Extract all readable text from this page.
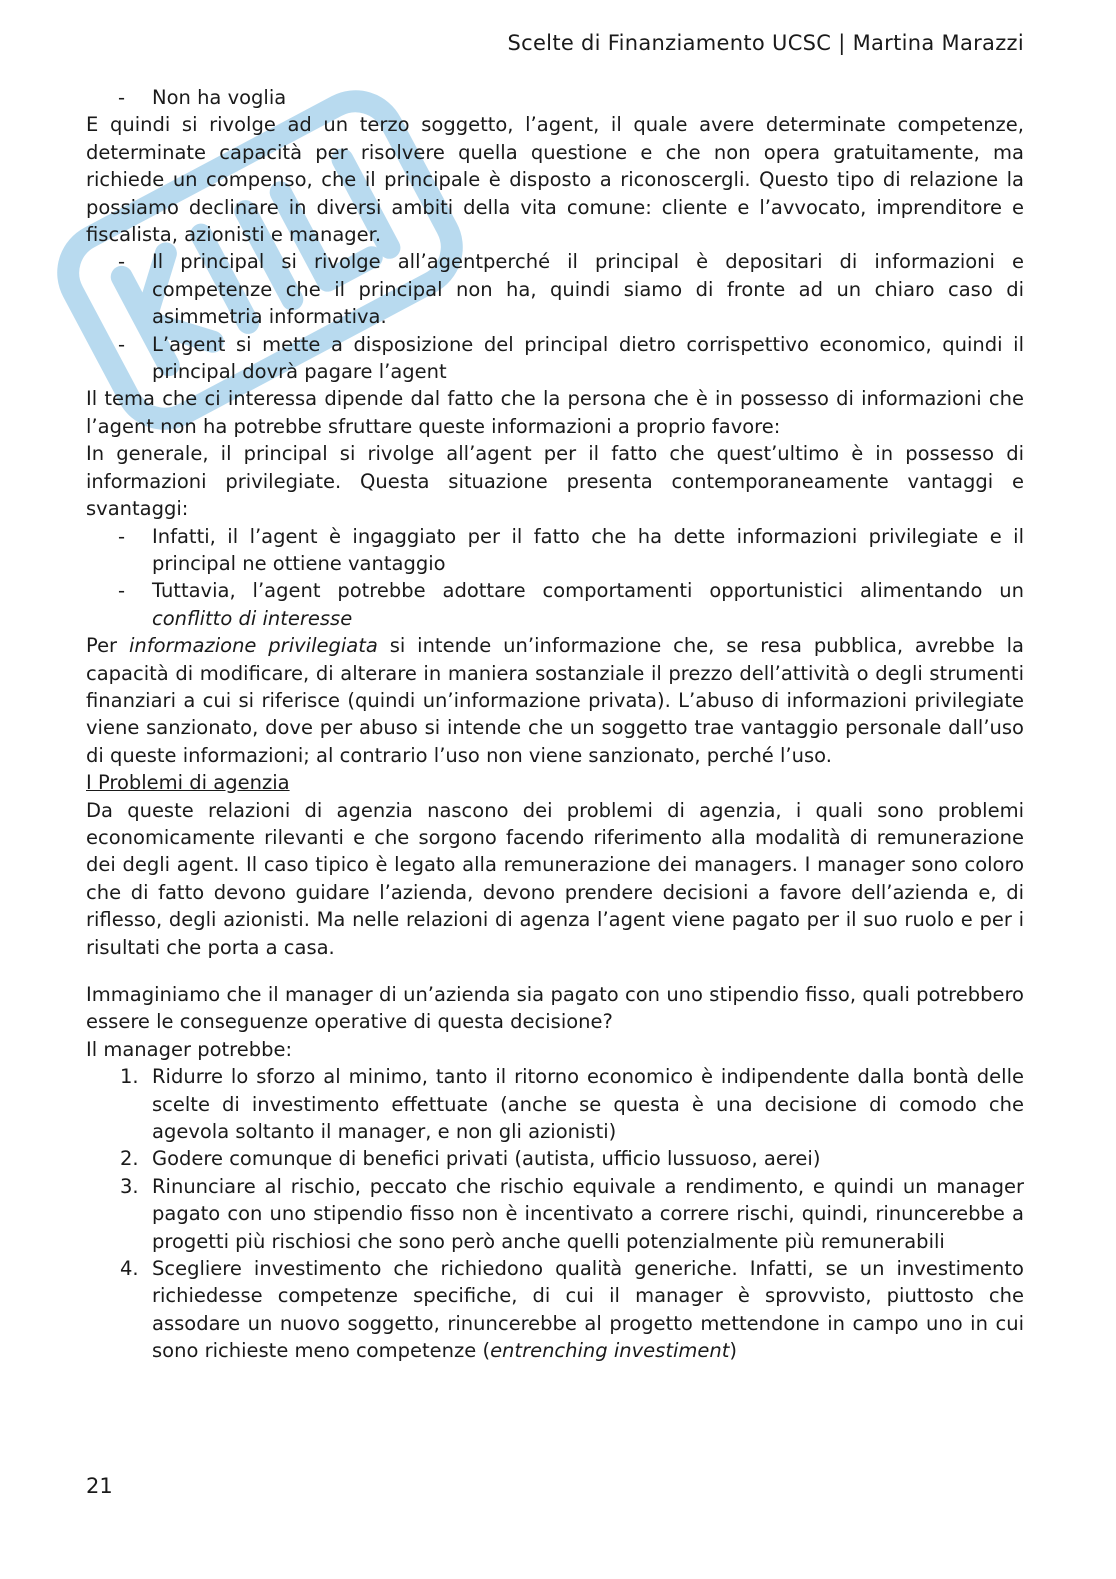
Scelte di Finanziamento UCSC | Martina Marazzi
- Non ha voglia

E quindi si rivolge ad un terzo soggetto, l’agent, il quale avere determinate competenze, determinate capacità per risolvere quella questione e che non opera gratuitamente, ma richiede un compenso, che il principale è disposto a riconoscergli. Questo tipo di relazione la possiamo declinare in diversi ambiti della vita comune: cliente e l’avvocato, imprenditore e fiscalista, azionisti e manager.

- Il principal si rivolge all’agentperché il principal è depositari di informazioni e competenze che il principal non ha, quindi siamo di fronte ad un chiaro caso di asimmetria informativa.
- L’agent si mette a disposizione del principal dietro corrispettivo economico, quindi il principal dovrà pagare l’agent

Il tema che ci interessa dipende dal fatto che la persona che è in possesso di informazioni che l’agent non ha potrebbe sfruttare queste informazioni a proprio favore:

In generale, il principal si rivolge all’agent per il fatto che quest’ultimo è in possesso di informazioni privilegiate. Questa situazione presenta contemporaneamente vantaggi e svantaggi:

- Infatti, il l’agent è ingaggiato per il fatto che ha dette informazioni privilegiate e il principal ne ottiene vantaggio
- Tuttavia, l’agent potrebbe adottare comportamenti opportunistici alimentando un conflitto di interesse

Per informazione privilegiata si intende un’informazione che, se resa pubblica, avrebbe la capacità di modificare, di alterare in maniera sostanziale il prezzo dell’attività o degli strumenti finanziari a cui si riferisce (quindi un’informazione privata). L’abuso di informazioni privilegiate viene sanzionato, dove per abuso si intende che un soggetto trae vantaggio personale dall’uso di queste informazioni; al contrario l’uso non viene sanzionato, perché l’uso.

I Problemi di agenzia

Da queste relazioni di agenzia nascono dei problemi di agenzia, i quali sono problemi economicamente rilevanti e che sorgono facendo riferimento alla modalità di remunerazione dei degli agent. Il caso tipico è legato alla remunerazione dei managers. I manager sono coloro che di fatto devono guidare l’azienda, devono prendere decisioni a favore dell’azienda e, di riflesso, degli azionisti. Ma nelle relazioni di agenza l’agent viene pagato per il suo ruolo e per i risultati che porta a casa.

Immaginiamo che il manager di un’azienda sia pagato con uno stipendio fisso, quali potrebbero essere le conseguenze operative di questa decisione?

Il manager potrebbe:

1. Ridurre lo sforzo al minimo, tanto il ritorno economico è indipendente dalla bontà delle scelte di investimento effettuate (anche se questa è una decisione di comodo che agevola soltanto il manager, e non gli azionisti)
2. Godere comunque di benefici privati (autista, ufficio lussuoso, aerei)
3. Rinunciare al rischio, peccato che rischio equivale a rendimento, e quindi un manager pagato con uno stipendio fisso non è incentivato a correre rischi, quindi, rinuncerebbe a progetti più rischiosi che sono però anche quelli potenzialmente più remunerabili
4. Scegliere investimento che richiedono qualità generiche. Infatti, se un investimento richiedesse competenze specifiche, di cui il manager è sprovvisto, piuttosto che assodare un nuovo soggetto, rinuncerebbe al progetto mettendone in campo uno in cui sono richieste meno competenze (entrenching investiment)
21
